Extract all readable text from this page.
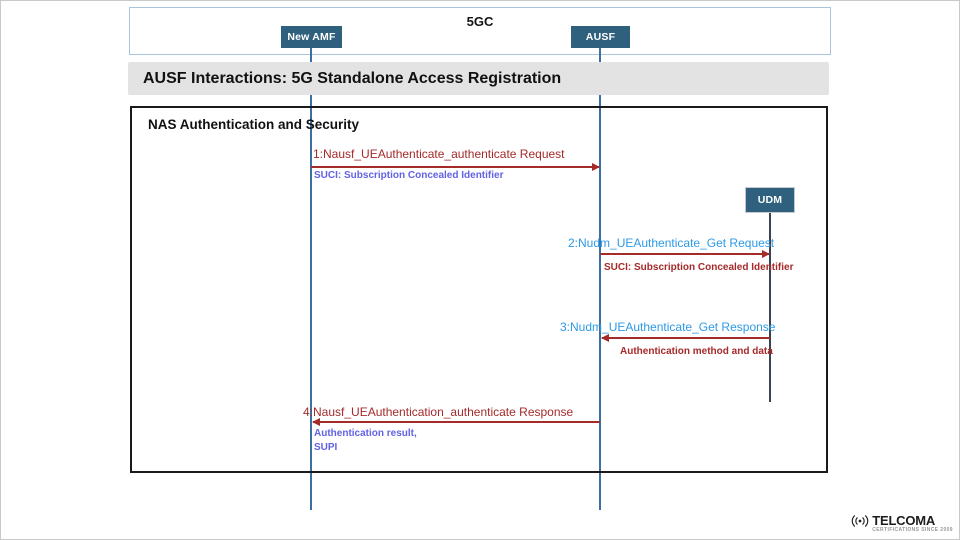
5GC
New AMF	AUSF
UDM
AUSF Interactions: 5G Standalone Access Registration
NAS Authentication and Security
1:Nausf_UEAuthenticate_authenticate Request
SUCI: Subscription Concealed Identifier
2:Nudm_UEAuthenticate_Get Request
SUCI: Subscription Concealed Identifier
3:Nudm_UEAuthenticate_Get Response
Authentication method and data
4:Nausf_UEAuthentication_authenticate Response
Authentication result,
SUPI
TELCOMA
CERTIFICATIONS SINCE 2009
